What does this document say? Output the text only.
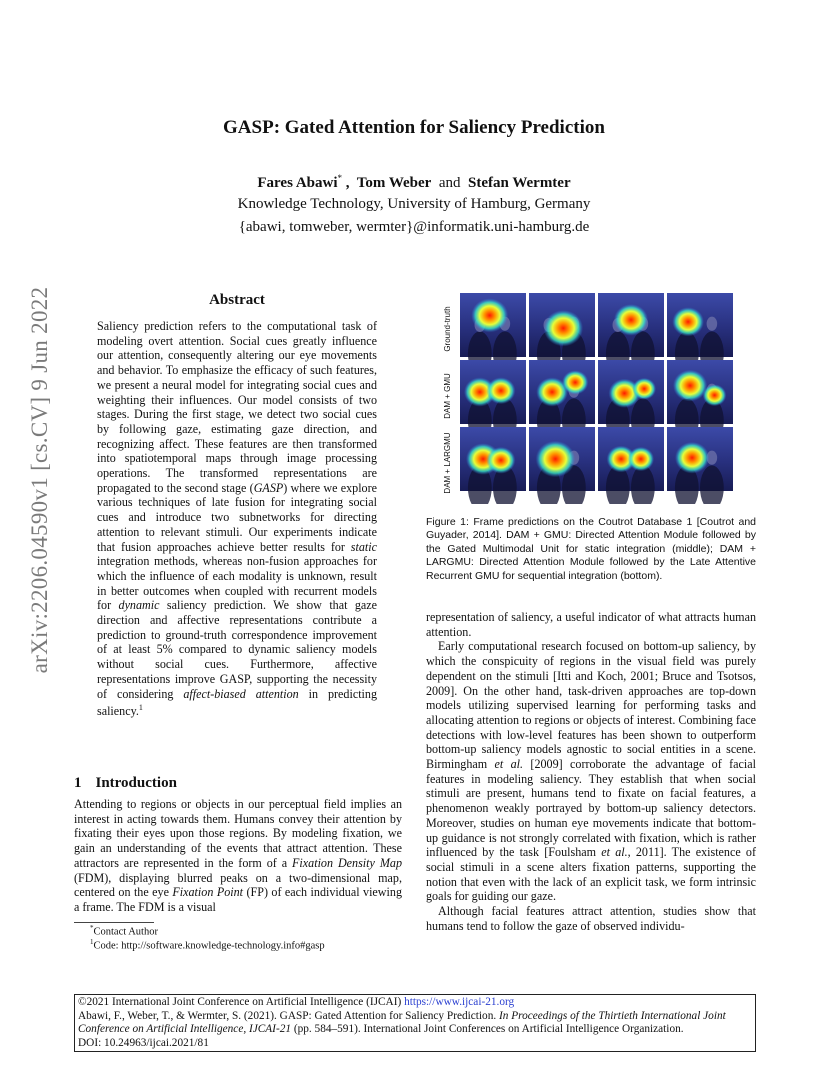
arXiv:2206.04590v1 [cs.CV] 9 Jun 2022
GASP: Gated Attention for Saliency Prediction
Fares Abawi* ,  Tom Weber  and  Stefan Wermter
Knowledge Technology, University of Hamburg, Germany
{abawi, tomweber, wermter}@informatik.uni-hamburg.de
Abstract
Saliency prediction refers to the computational task of modeling overt attention. Social cues greatly influence our attention, consequently altering our eye movements and behavior. To emphasize the efficacy of such features, we present a neural model for integrating social cues and weighting their influences. Our model consists of two stages. During the first stage, we detect two social cues by following gaze, estimating gaze direction, and recognizing affect. These features are then transformed into spatiotemporal maps through image processing operations. The transformed representations are propagated to the second stage (GASP) where we explore various techniques of late fusion for integrating social cues and introduce two subnetworks for directing attention to relevant stimuli. Our experiments indicate that fusion approaches achieve better results for static integration methods, whereas non-fusion approaches for which the influence of each modality is unknown, result in better outcomes when coupled with recurrent models for dynamic saliency prediction. We show that gaze direction and affective representations contribute a prediction to ground-truth correspondence improvement of at least 5% compared to dynamic saliency models without social cues. Furthermore, affective representations improve GASP, supporting the necessity of considering affect-biased attention in predicting saliency.$^1$
1 Introduction
Attending to regions or objects in our perceptual field implies an interest in acting towards them. Humans convey their attention by fixating their eyes upon those regions. By modeling fixation, we gain an understanding of the events that attract attention. These attractors are represented in the form of a Fixation Density Map (FDM), displaying blurred peaks on a two-dimensional map, centered on the eye Fixation Point (FP) of each individual viewing a frame. The FDM is a visual
*Contact Author
$^1$Code: http://software.knowledge-technology.info#gasp
Ground-truth
DAM + GMU
DAM + LARGMU
Figure 1: Frame predictions on the Coutrot Database 1 [Coutrot and Guyader, 2014]. DAM + GMU: Directed Attention Module followed by the Gated Multimodal Unit for static integration (middle); DAM + LARGMU: Directed Attention Module followed by the Late Attentive Recurrent GMU for sequential integration (bottom).

representation of saliency, a useful indicator of what attracts human attention.

Early computational research focused on bottom-up saliency, by which the conspicuity of regions in the visual field was purely dependent on the stimuli [Itti and Koch, 2001; Bruce and Tsotsos, 2009]. On the other hand, task-driven approaches are top-down models utilizing supervised learning for performing tasks and allocating attention to regions or objects of interest. Combining face detections with low-level features has been shown to outperform bottom-up saliency models agnostic to social entities in a scene. Birmingham et al. [2009] corroborate the advantage of facial features in modeling saliency. They establish that when social stimuli are present, humans tend to fixate on facial features, a phenomenon weakly portrayed by bottom-up saliency detectors. Moreover, studies on human eye movements indicate that bottom-up guidance is not strongly correlated with fixation, which is rather influenced by the task [Foulsham et al., 2011]. The existence of social stimuli in a scene alters fixation patterns, supporting the notion that even with the lack of an explicit task, we form intrinsic goals for guiding our gaze.

Although facial features attract attention, studies show that humans tend to follow the gaze of observed individu-

©2021 International Joint Conference on Artificial Intelligence (IJCAI) https://www.ijcai-21.org
Abawi, F., Weber, T., & Wermter, S. (2021). GASP: Gated Attention for Saliency Prediction. In Proceedings of the Thirtieth International Joint Conference on Artificial Intelligence, IJCAI-21 (pp. 584–591). International Joint Conferences on Artificial Intelligence Organization.
DOI: 10.24963/ijcai.2021/81
